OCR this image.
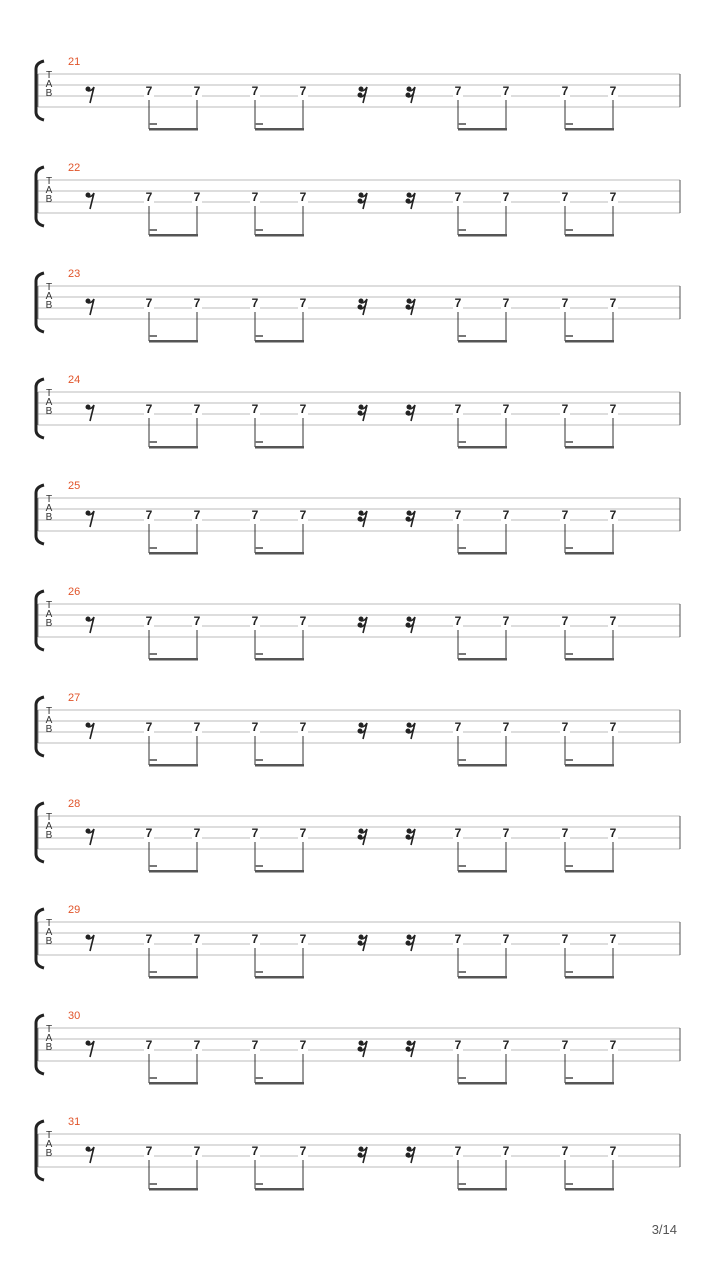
T
A
B	7	7	7	7	7	7	7	7
T
A
B	7	7	7	7	7	7	7	7
T
A
B	7	7	7	7	7	7	7	7
T
A
B	7	7	7	7	7	7	7	7
T
A
B	7	7	7	7	7	7	7	7
T
A
B	7	7	7	7	7	7	7	7
T
A
B	7	7	7	7	7	7	7	7
T
A
B	7	7	7	7	7	7	7	7
T
A
B	7	7	7	7	7	7	7	7
T
A
B	7	7	7	7	7	7	7	7
T
A
B	7	7	7	7	7	7	7	7
21
22
23
24
25
26
27
28
29
30
31
3/14
